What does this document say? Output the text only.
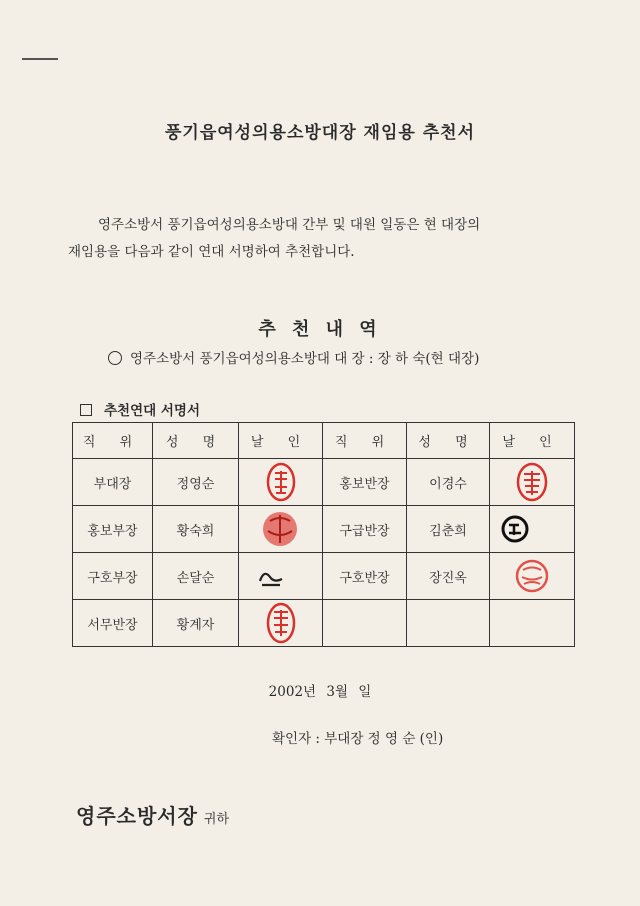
풍기읍여성의용소방대장 재임용 추천서
영주소방서 풍기읍여성의용소방대 간부 및 대원 일동은 현 대장의
재임용을 다음과 같이 연대 서명하여 추천합니다.
추 천 내 역
영주소방서 풍기읍여성의용소방대 대 장 : 장 하 숙(현 대장)
추천연대 서명서
직 위	성 명	날 인	직 위	성 명	날 인
부대장	정영순		홍보반장	이경수	
홍보부장	황숙희		구급반장	김춘희	
구호부장	손달순		구호반장	장진옥	
서무반장	황계자				
2002년 3월 일
확인자 : 부대장 정 영 순 (인)
영주소방서장 귀하
